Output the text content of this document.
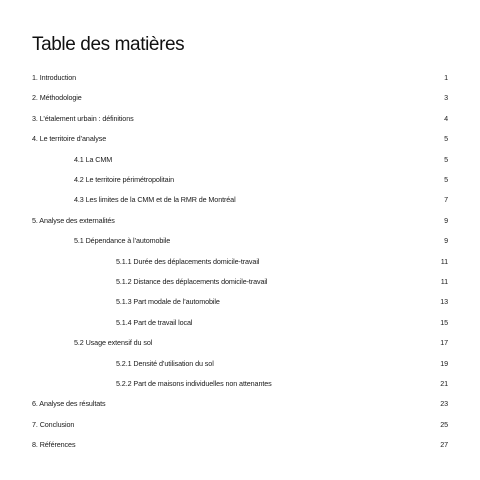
Table des matières
1. Introduction	1
2. Méthodologie	3
3. L’étalement urbain : définitions	4
4. Le territoire d’analyse	5
4.1 La CMM	5
4.2 Le territoire périmétropolitain	5
4.3 Les limites de la CMM et de la RMR de Montréal	7
5. Analyse des externalités	9
5.1 Dépendance à l’automobile	9
5.1.1 Durée des déplacements domicile-travail	11
5.1.2 Distance des déplacements domicile-travail	11
5.1.3 Part modale de l’automobile	13
5.1.4 Part de travail local	15
5.2 Usage extensif du sol	17
5.2.1 Densité d’utilisation du sol	19
5.2.2 Part de maisons individuelles non attenantes	21
6. Analyse des résultats	23
7. Conclusion	25
8. Références	27
